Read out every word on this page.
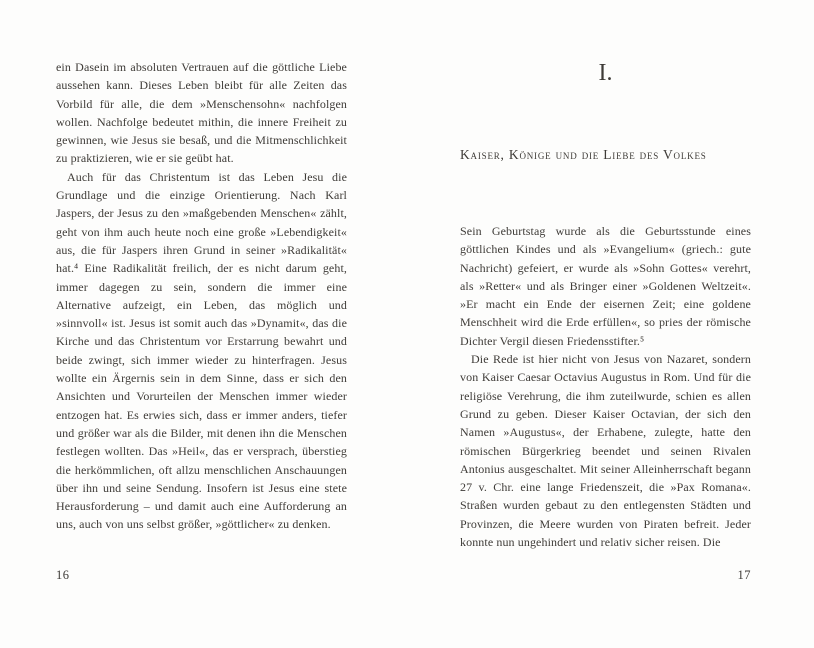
ein Dasein im absoluten Vertrauen auf die göttliche Liebe aussehen kann. Dieses Leben bleibt für alle Zeiten das Vorbild für alle, die dem »Menschensohn« nachfolgen wollen. Nachfolge bedeutet mithin, die innere Freiheit zu gewinnen, wie Jesus sie besaß, und die Mitmenschlichkeit zu praktizieren, wie er sie geübt hat.

Auch für das Christentum ist das Leben Jesu die Grundlage und die einzige Orientierung. Nach Karl Jaspers, der Jesus zu den »maßgebenden Menschen« zählt, geht von ihm auch heute noch eine große »Lebendigkeit« aus, die für Jaspers ihren Grund in seiner »Radikalität« hat.⁴ Eine Radikalität freilich, der es nicht darum geht, immer dagegen zu sein, sondern die immer eine Alternative aufzeigt, ein Leben, das möglich und »sinnvoll« ist. Jesus ist somit auch das »Dynamit«, das die Kirche und das Christentum vor Erstarrung bewahrt und beide zwingt, sich immer wieder zu hinterfragen. Jesus wollte ein Ärgernis sein in dem Sinne, dass er sich den Ansichten und Vorurteilen der Menschen immer wieder entzogen hat. Es erwies sich, dass er immer anders, tiefer und größer war als die Bilder, mit denen ihn die Menschen festlegen wollten. Das »Heil«, das er versprach, überstieg die herkömmlichen, oft allzu menschlichen Anschauungen über ihn und seine Sendung. Insofern ist Jesus eine stete Herausforderung – und damit auch eine Aufforderung an uns, auch von uns selbst größer, »göttlicher« zu denken.

16
I.
Kaiser, Könige und die Liebe des Volkes

Sein Geburtstag wurde als die Geburtsstunde eines göttlichen Kindes und als »Evangelium« (griech.: gute Nachricht) gefeiert, er wurde als »Sohn Gottes« verehrt, als »Retter« und als Bringer einer »Goldenen Weltzeit«. »Er macht ein Ende der eisernen Zeit; eine goldene Menschheit wird die Erde erfüllen«, so pries der römische Dichter Vergil diesen Friedensstifter.⁵

Die Rede ist hier nicht von Jesus von Nazaret, sondern von Kaiser Caesar Octavius Augustus in Rom. Und für die religiöse Verehrung, die ihm zuteilwurde, schien es allen Grund zu geben. Dieser Kaiser Octavian, der sich den Namen »Augustus«, der Erhabene, zulegte, hatte den römischen Bürgerkrieg beendet und seinen Rivalen Antonius ausgeschaltet. Mit seiner Alleinherrschaft begann 27 v. Chr. eine lange Friedenszeit, die »Pax Romana«. Straßen wurden gebaut zu den entlegensten Städten und Provinzen, die Meere wurden von Piraten befreit. Jeder konnte nun ungehindert und relativ sicher reisen. Die

17
